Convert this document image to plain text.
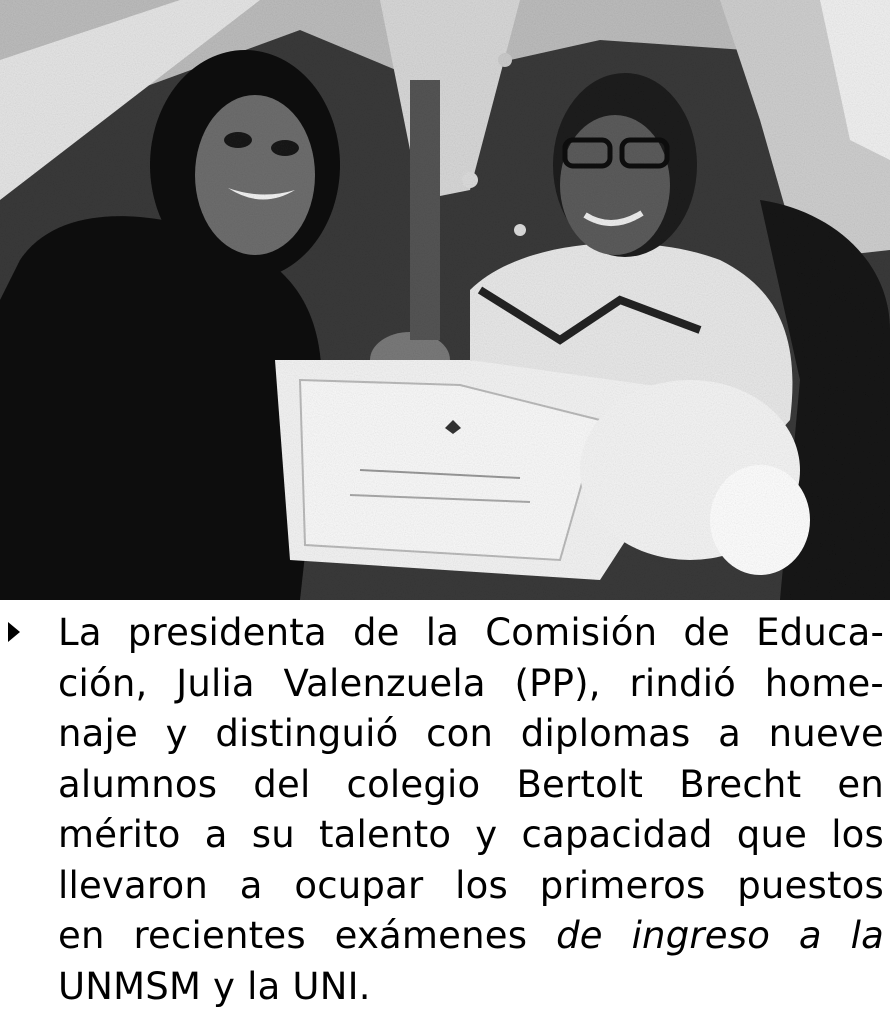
La presidenta de la Comisión de Educa-
ción, Julia Valenzuela (PP), rindió home-
naje y distinguió con diplomas a nueve
alumnos del colegio Bertolt Brecht en
mérito a su talento y capacidad que los
llevaron a ocupar los primeros puestos
en recientes exámenes de ingreso a la
UNMSM y la UNI.
